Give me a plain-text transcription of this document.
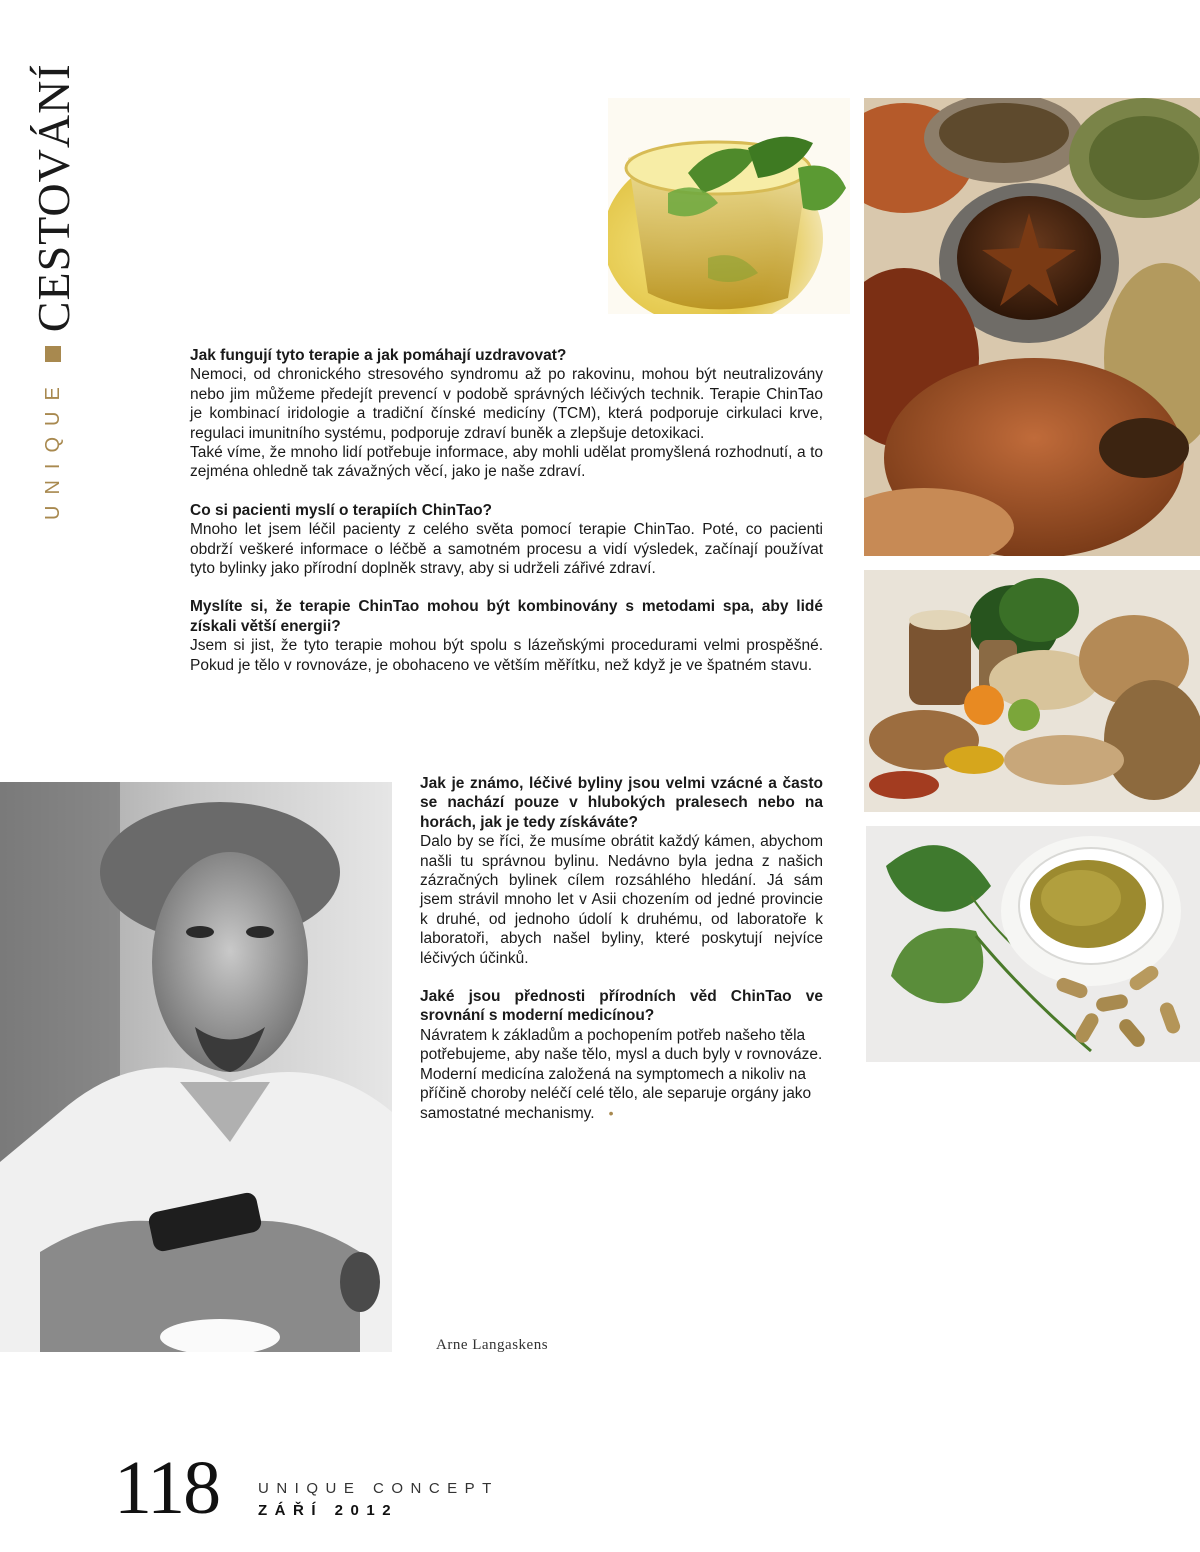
UNIQUE
CESTOVÁNÍ

Jak fungují tyto terapie a jak pomáhají uzdravovat?

Nemoci, od chronického stresového syndromu až po rakovinu, mohou být neutralizovány nebo jim můžeme předejít prevencí v podobě správných léčivých technik. Terapie ChinTao je kombinací iridologie a tradiční čínské medicíny (TCM), která podporuje cirkulaci krve, regulaci imunitního systému, podporuje zdraví buněk a zlepšuje detoxikaci.

Také víme, že mnoho lidí potřebuje informace, aby mohli udělat promyšlená rozhodnutí, a to zejména ohledně tak závažných věcí, jako je naše zdraví.

Co si pacienti myslí o terapiích ChinTao?

Mnoho let jsem léčil pacienty z celého světa pomocí terapie ChinTao. Poté, co pacienti obdrží veškeré informace o léčbě a samotném procesu a vidí výsledek, začínají používat tyto bylinky jako přírodní doplněk stravy, aby si udrželi zářivé zdraví.

Myslíte si, že terapie ChinTao mohou být kombinovány s metodami spa, aby lidé získali větší energii?

Jsem si jist, že tyto terapie mohou být spolu s lázeňskými procedurami velmi prospěšné. Pokud je tělo v rovnováze, je obohaceno ve větším měřítku, než když je ve špatném stavu.

Jak je známo, léčivé byliny jsou velmi vzácné a často se nachází pouze v hlubokých pralesech nebo na horách, jak je tedy získáváte?

Dalo by se říci, že musíme obrátit každý kámen, abychom našli tu správnou bylinu. Nedávno byla jedna z našich zázračných bylinek cílem rozsáhlého hledání. Já sám jsem strávil mnoho let v Asii chozením od jedné provincie k druhé, od jednoho údolí k druhému, od laboratoře k laboratoři, abych našel byliny, které poskytují nejvíce léčivých účinků.

Jaké jsou přednosti přírodních věd ChinTao ve srovnání s moderní medicínou?

Návratem k základům a pochopením potřeb našeho těla potřebujeme, aby naše tělo, mysl a duch byly v rovnováze. Moderní medicína založená na symptomech a nikoliv na příčině choroby neléčí celé tělo, ale separuje orgány jako samostatné mechanismy. •

Arne Langaskens
118	UNIQUE CONCEPT
ZÁŘÍ 2012
